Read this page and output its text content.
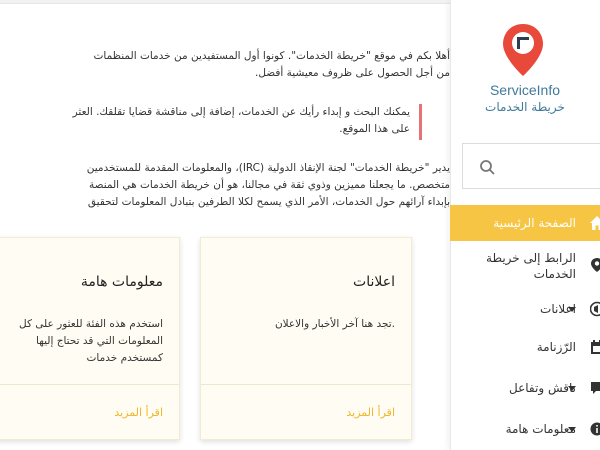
أهلا بكم في موقع "خريطة الخدمات". كونوا أول المستفيدين من خدمات المنظمات
من أجل الحصول على ظروف معيشية أفضل.
يمكنك البحث و إبداء رأيك عن الخدمات، إضافة إلى مناقشة قضايا تقلقك. العثر
على هذا الموقع.
يدير "خريطة الخدمات" لجنة الإنقاذ الدولية (IRC)، والمعلومات المقدمة للمستخدمين
متخصص. ما يجعلنا مميزين وذوي ثقة في مجالنا، هو أن خريطة الخدمات هي المنصة
بإبداء آرائهم حول الخدمات، الأمر الذي يسمح لكلا الطرفين بتبادل المعلومات لتحقيق
اعلانات
.تجد هنا آخر الأخبار والاعلان
اقرأ المزيد
معلومات هامة
استخدم هذه الفئة للعثور على كل
المعلومات التي قد تحتاج إليها
كمستخدم خدمات
اقرأ المزيد
ServiceInfo
خريطة الخدمات
الصفحة الرئيسية
الرابط إلى خريطة الخدمات
اعلانات
الرّزنامة
ناقش وتفاعل
معلومات هامة
